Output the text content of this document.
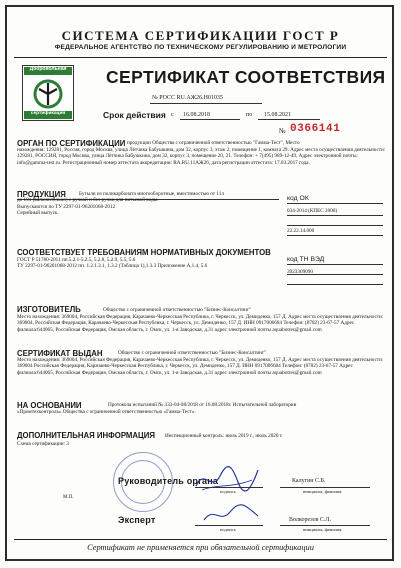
СИСТЕМА СЕРТИФИКАЦИИ ГОСТ Р
ФЕДЕРАЛЬНОЕ АГЕНТСТВО ПО ТЕХНИЧЕСКОМУ РЕГУЛИРОВАНИЮ И МЕТРОЛОГИИ
Добровольная
сертификация
СЕРТИФИКАТ СООТВЕТСТВИЯ
№ РОСС RU.АЖ26.Н01035
Срок действия с 16.08.2018	по 15.08.2021
№ 0366141
ОРГАН ПО СЕРТИФИКАЦИИ продукции Общества с ограниченной ответственностью "Гамма-Тест", Место
нахождения: 129281, Россия, город Москва, улица Лётчика Бабушкина, дом 32, корпус 3, этаж 2, помещение 1, комната 29. Адрес места осуществления деятельности: 129281, РОССИЯ, город Москва, улица Лётчика Бабушкина, дом 32, корпус 3, помещение 20, 21. Телефон: + 7(495) 989-12-49, Адрес электронной почты: info@gamma-test.ru. Регистрационный номер аттестата аккредитации: RA.RU.11АЖ26, дата регистрации аттестата: 17.03.2017 года.
ПРОДУКЦИЯ	Бутыли из поликарбоната многооборотные, вместимостью от 11л
до 19л (включительно) с ручкой и без ручки для питьевой воды.
Выпускаются по ТУ 2297-01-96201068-2012
Серийный выпуск.
код ОК
034-2014 (КПЕС 2008)
22.22.14.000
СООТВЕТСТВУЕТ ТРЕБОВАНИЯМ НОРМАТИВНЫХ ДОКУМЕНТОВ
ГОСТ Р 51760-2011 пп.5.2.1-5.2.5, 5.2.8, 5.2.9, 5.5, 5.6
ТУ 2297-01-96201068-2012 пп. 1.2.1.3.1, 1.3.2 (Таблица 1),1.3.3 Приложение А,1.4, 5.6
код ТН ВЭД
3923309090
ИЗГОТОВИТЕЛЬ	Общество с ограниченной ответственностью "Бизнес-Консалтинг"
Место нахождения: 369004, Российская Федерация, Карачаево-Черкесская Республика, г. Черкесск, ул. Демиденко, 157 Д. Адрес места осуществления деятельности: 369004, Российская Федерация, Карачаево-Черкесская Республика, г. Черкесск, ул. Демиденко, 157 Д. ИНН 0917006684 Телефон: (8782) 23-67-57 Адрес филиала:644065, Российская Федерация, Омская область, г. Омск, ул. 1-я Заводская, д.31 адрес электронной почты aquabotres@gmail.com
СЕРТИФИКАТ ВЫДАН	Общество с ограниченной ответственностью "Бизнес-Консалтинг"
Место нахождения: 369004, Российская Федерация, Карачаево-Черкесская Республика, г. Черкесск, ул. Демиденко, 157 Д. Адрес места осуществления деятельности: 369004 Российская Федерация, Карачаево-Черкесская Республика, г. Черкесск, ул. Демиденко, 157 Д. ИНН 0917006684 Телефон: (8782) 23-67-57 Адрес филиала:644065, Российская Федерация, Омская область, г. Омск, ул. 1-я Заводская, д.31 адрес электронной почты aquabotres@gmail.com
НА ОСНОВАНИИ	Протокола испытаний № 333-04-08/2018 от 16.08.2018г. Испытательной лаборатории
«Промтехконтроль» Общества с ограниченной ответственностью «Гамма-Тест».
ДОПОЛНИТЕЛЬНАЯ ИНФОРМАЦИЯ Инспекционный контроль: июль 2019 г., июль 2020 г.
Схема сертификации: 3
Руководитель органа
подпись
Калугин С.Б.
инициалы, фамилия
М.П.
Эксперт
подпись
Волкорезов С.Л.
инициалы, фамилия
Сертификат не применяется при обязательной сертификации
